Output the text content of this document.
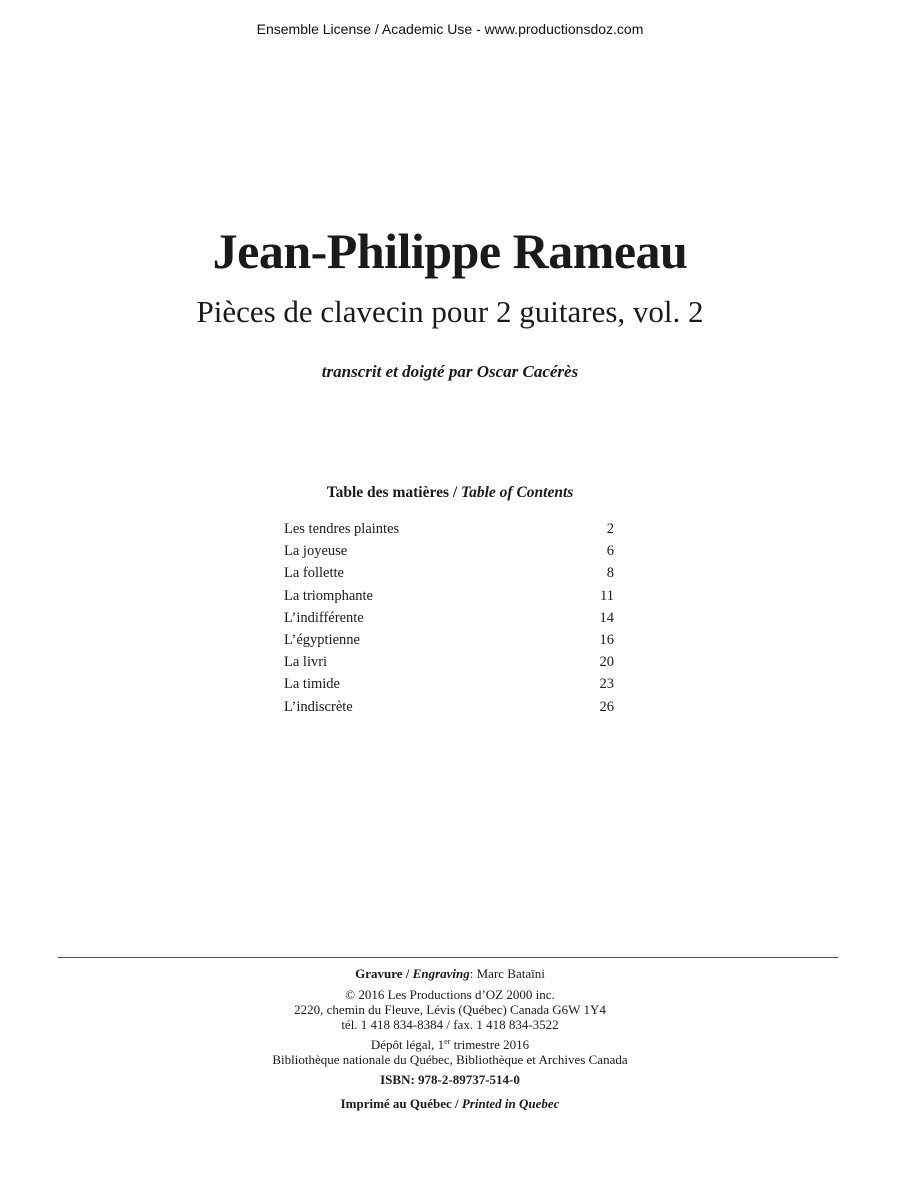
Ensemble License / Academic Use - www.productionsdoz.com
Jean-Philippe Rameau
Pièces de clavecin pour 2 guitares, vol. 2
transcrit et doigté par Oscar Cacérès
Table des matières / Table of Contents
Les tendres plaintes	2
La joyeuse	6
La follette	8
La triomphante	11
L’indifférente	14
L’égyptienne	16
La livri	20
La timide	23
L’indiscrète	26
Gravure / Engraving: Marc Bataïni
© 2016 Les Productions d’OZ 2000 inc.
2220, chemin du Fleuve, Lévis (Québec) Canada G6W 1Y4
tél. 1 418 834-8384 / fax. 1 418 834-3522
Dépôt légal, 1er trimestre 2016
Bibliothèque nationale du Québec, Bibliothèque et Archives Canada
ISBN: 978-2-89737-514-0
Imprimé au Québec / Printed in Quebec
